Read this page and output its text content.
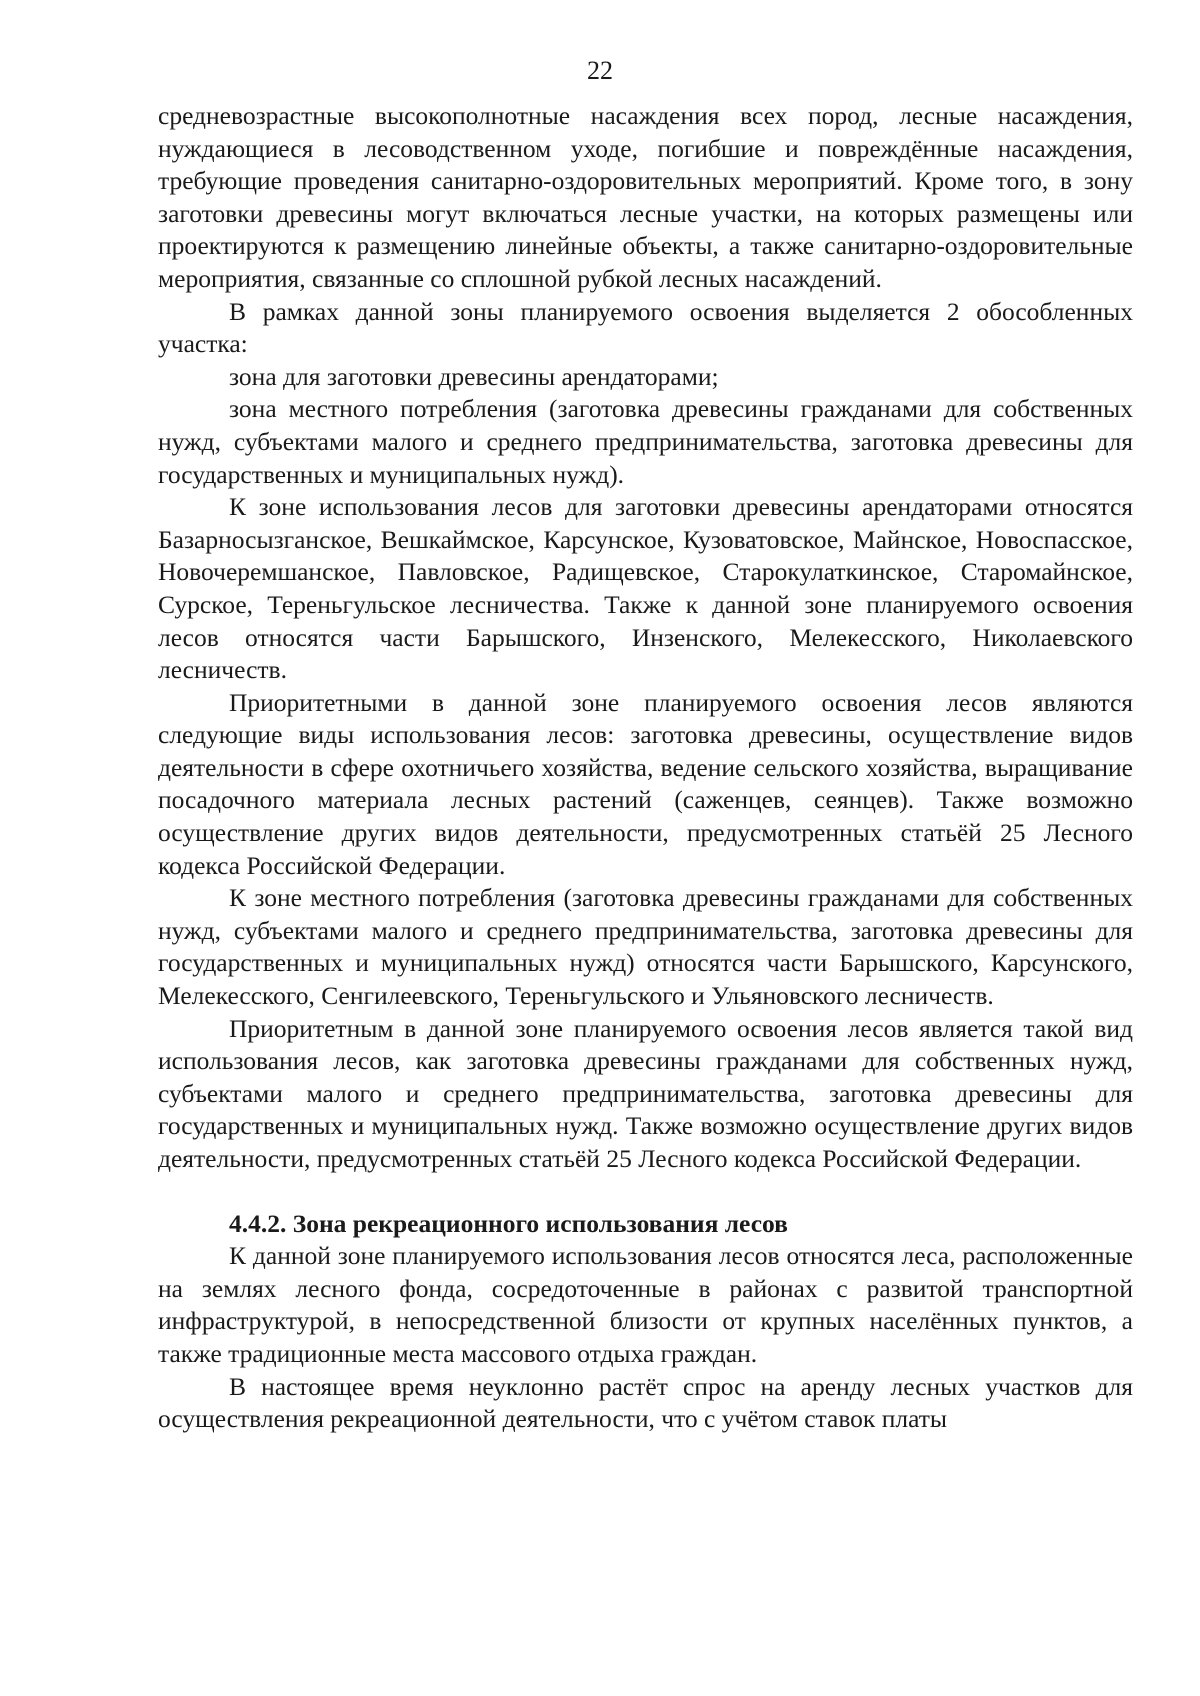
22

средневозрастные высокополнотные насаждения всех пород, лесные насаждения, нуждающиеся в лесоводственном уходе, погибшие и повреждённые насаждения, требующие проведения санитарно-оздоровительных мероприятий. Кроме того, в зону заготовки древесины могут включаться лесные участки, на которых размещены или проектируются к размещению линейные объекты, а также санитарно-оздоровительные мероприятия, связанные со сплошной рубкой лесных насаждений.

В рамках данной зоны планируемого освоения выделяется 2 обособленных участка:

зона для заготовки древесины арендаторами;

зона местного потребления (заготовка древесины гражданами для собственных нужд, субъектами малого и среднего предпринимательства, заготовка древесины для государственных и муниципальных нужд).

К зоне использования лесов для заготовки древесины арендаторами относятся Базарносызганское, Вешкаймское, Карсунское, Кузоватовское, Майнское, Новоспасское, Новочеремшанское, Павловское, Радищевское, Старокулаткинское, Старомайнское, Сурское, Тереньгульское лесничества. Также к данной зоне планируемого освоения лесов относятся части Барышского, Инзенского, Мелекесского, Николаевского лесничеств.

Приоритетными в данной зоне планируемого освоения лесов являются следующие виды использования лесов: заготовка древесины, осуществление видов деятельности в сфере охотничьего хозяйства, ведение сельского хозяйства, выращивание посадочного материала лесных растений (саженцев, сеянцев). Также возможно осуществление других видов деятельности, предусмотренных статьёй 25 Лесного кодекса Российской Федерации.

К зоне местного потребления (заготовка древесины гражданами для собственных нужд, субъектами малого и среднего предпринимательства, заготовка древесины для государственных и муниципальных нужд) относятся части Барышского, Карсунского, Мелекесского, Сенгилеевского, Тереньгульского и Ульяновского лесничеств.

Приоритетным в данной зоне планируемого освоения лесов является такой вид использования лесов, как заготовка древесины гражданами для собственных нужд, субъектами малого и среднего предпринимательства, заготовка древесины для государственных и муниципальных нужд. Также возможно осуществление других видов деятельности, предусмотренных статьёй 25 Лесного кодекса Российской Федерации.

4.4.2. Зона рекреационного использования лесов

К данной зоне планируемого использования лесов относятся леса, расположенные на землях лесного фонда, сосредоточенные в районах с развитой транспортной инфраструктурой, в непосредственной близости от крупных населённых пунктов, а также традиционные места массового отдыха граждан.

В настоящее время неуклонно растёт спрос на аренду лесных участков для осуществления рекреационной деятельности, что с учётом ставок платы
